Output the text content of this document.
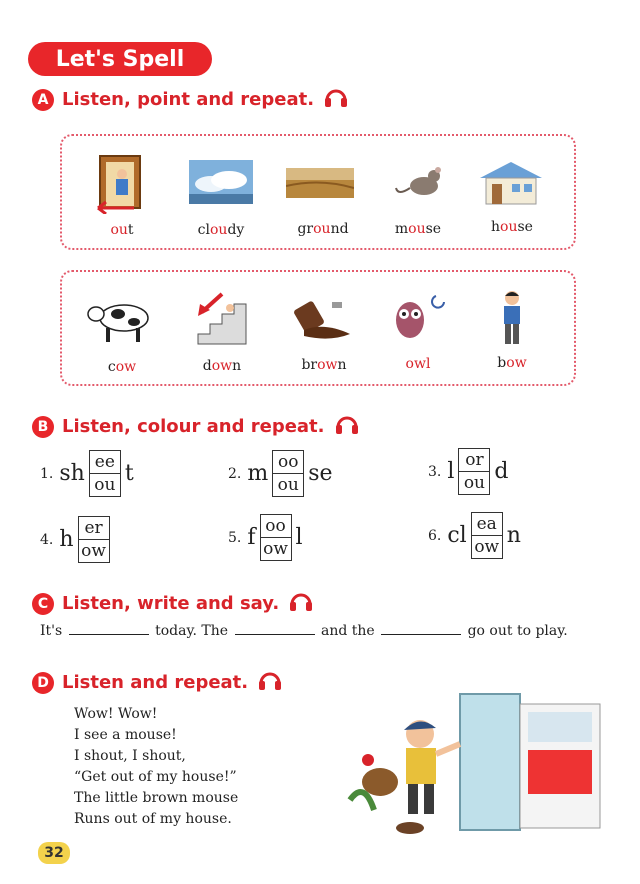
Let's Spell
A Listen, point and repeat.
out	cloudy	ground	mouse	house
cow	down	brown	owl	bow
B Listen, colour and repeat.
1. sh ee
ou t	2. m oo
ou se	3. l or
ou d
4. h er
ow
5. f oo
ow l	6. cl ea
ow n
C Listen, write and say.
It's	today. The	and the	go out to play.
D Listen and repeat.
Wow! Wow!
I see a mouse!
I shout, I shout,
“Get out of my house!”
The little brown mouse
Runs out of my house.
32
